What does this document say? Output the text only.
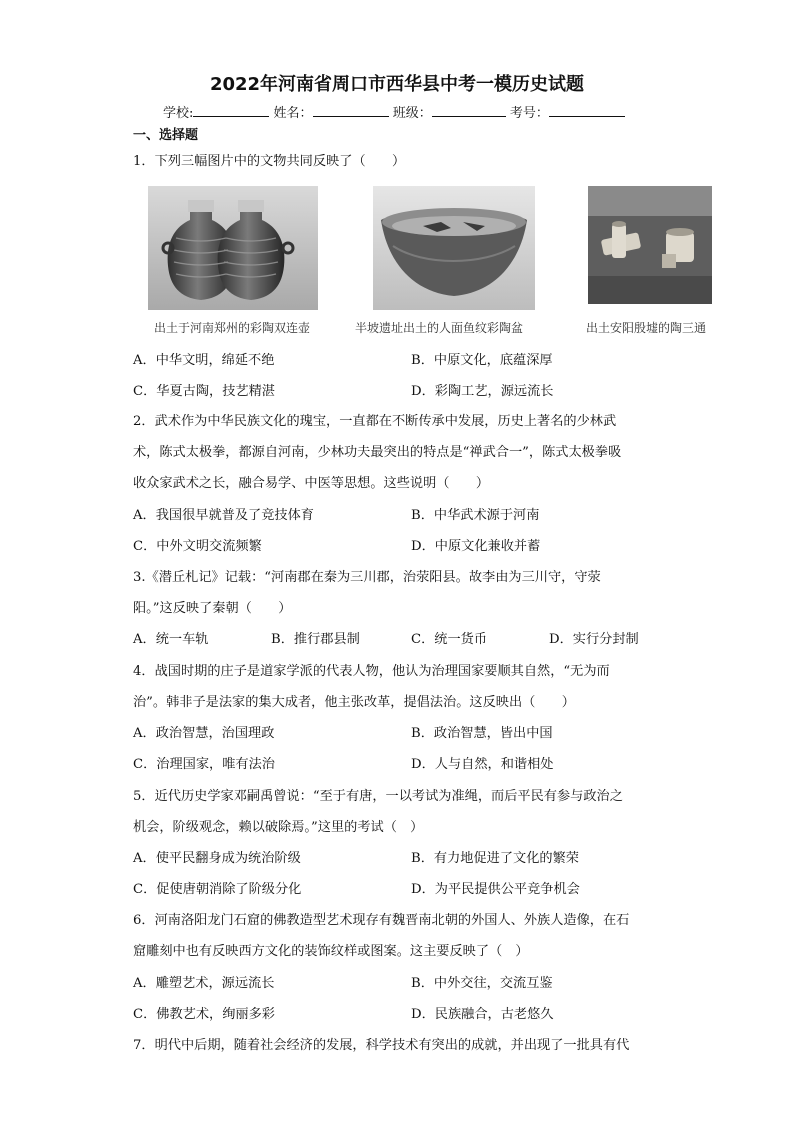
2022年河南省周口市西华县中考一模历史试题
学校:	姓名：	班级：	考号：
一、选择题
1．下列三幅图片中的文物共同反映了（　　）
出土于河南郑州的彩陶双连壶	半坡遗址出土的人面鱼纹彩陶盆	出土安阳殷墟的陶三通
A．中华文明，绵延不绝	B．中原文化，底蕴深厚
C．华夏古陶，技艺精湛	D．彩陶工艺，源远流长
2．武术作为中华民族文化的瑰宝，一直都在不断传承中发展，历史上著名的少林武
术，陈式太极拳，都源自河南，少林功夫最突出的特点是“禅武合一”，陈式太极拳吸
收众家武术之长，融合易学、中医等思想。这些说明（　　）
A．我国很早就普及了竞技体育	B．中华武术源于河南
C．中外文明交流频繁	D．中原文化兼收并蓄
3.《潜丘札记》记载：“河南郡在秦为三川郡，治荥阳县。故李由为三川守，守荥
阳。”这反映了秦朝（　　）
A．统一车轨	B．推行郡县制	C．统一货币	D．实行分封制
4．战国时期的庄子是道家学派的代表人物，他认为治理国家要顺其自然，“无为而
治”。韩非子是法家的集大成者，他主张改革，提倡法治。这反映出（　　）
A．政治智慧，治国理政	B．政治智慧，皆出中国
C．治理国家，唯有法治	D．人与自然，和谐相处
5．近代历史学家邓嗣禹曾说：“至于有唐，一以考试为准绳，而后平民有参与政治之
机会，阶级观念，赖以破除焉。”这里的考试（　）
A．使平民翻身成为统治阶级	B．有力地促进了文化的繁荣
C．促使唐朝消除了阶级分化	D．为平民提供公平竞争机会
6．河南洛阳龙门石窟的佛教造型艺术现存有魏晋南北朝的外国人、外族人造像，在石
窟雕刻中也有反映西方文化的装饰纹样或图案。这主要反映了（　）
A．雕塑艺术，源远流长	B．中外交往，交流互鉴
C．佛教艺术，绚丽多彩	D．民族融合，古老悠久
7．明代中后期，随着社会经济的发展，科学技术有突出的成就，并出现了一批具有代
